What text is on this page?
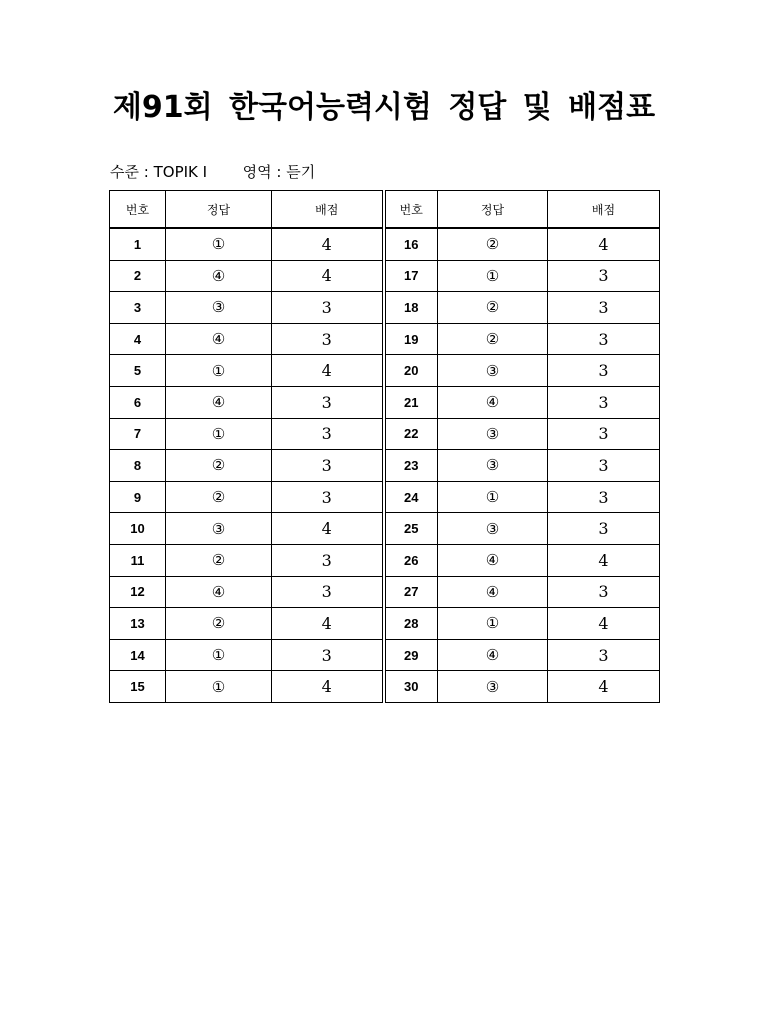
제91회 한국어능력시험 정답 및 배점표
수준 : TOPIK Ⅰ 영역 : 듣기
번호	정답	배점	번호	정답	배점
1	①	4	16	②	4
2	④	4	17	①	3
3	③	3	18	②	3
4	④	3	19	②	3
5	①	4	20	③	3
6	④	3	21	④	3
7	①	3	22	③	3
8	②	3	23	③	3
9	②	3	24	①	3
10	③	4	25	③	3
11	②	3	26	④	4
12	④	3	27	④	3
13	②	4	28	①	4
14	①	3	29	④	3
15	①	4	30	③	4
